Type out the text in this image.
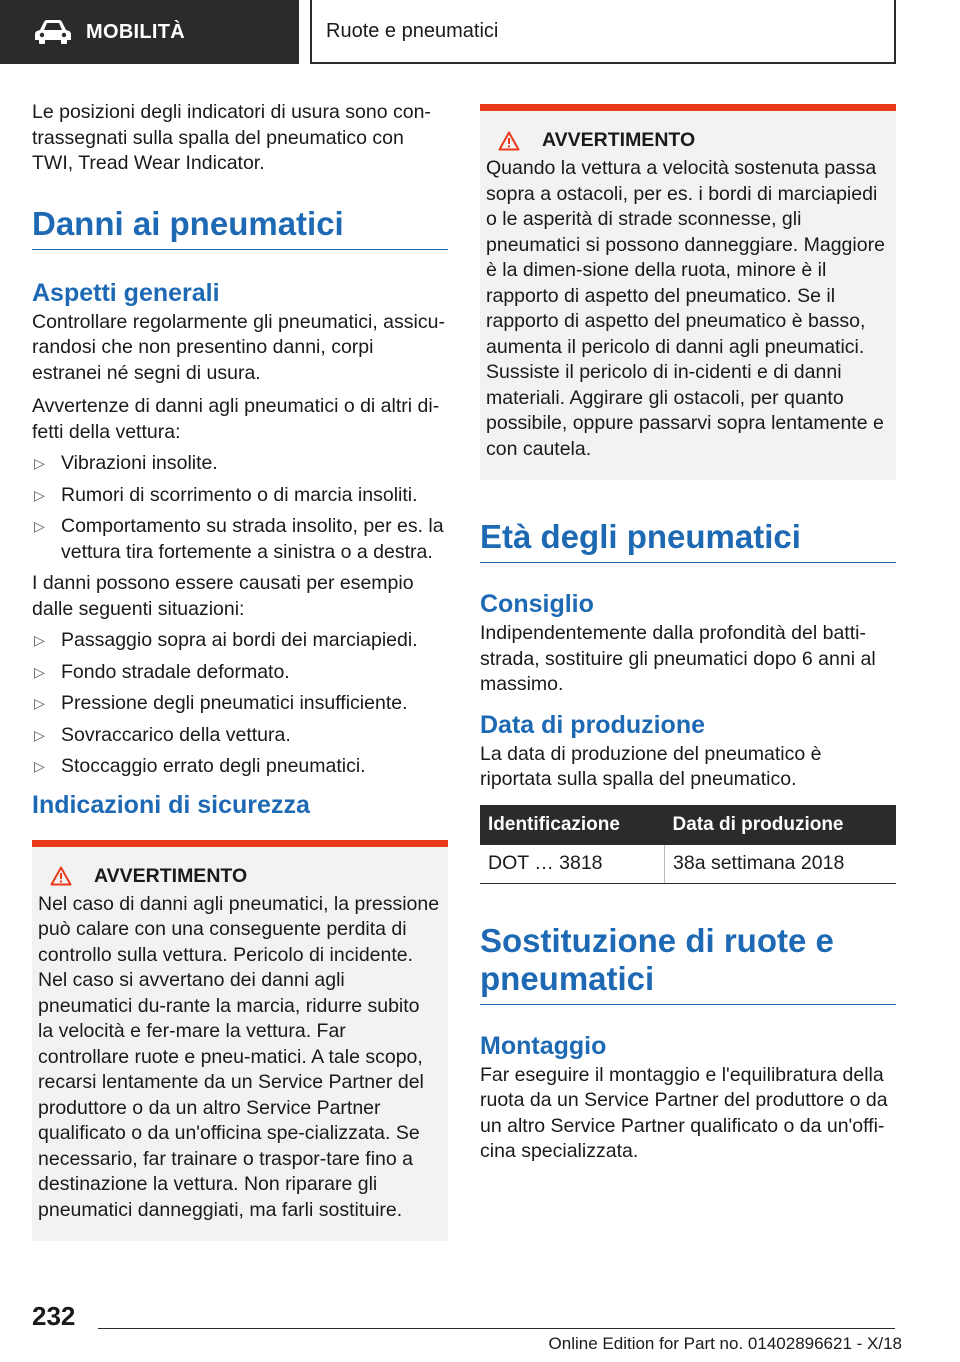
MOBILITÀ	Ruote e pneumatici

Le posizioni degli indicatori di usura sono con-trassegnati sulla spalla del pneumatico con TWI, Tread Wear Indicator.

Danni ai pneumatici
Aspetti generali

Controllare regolarmente gli pneumatici, assicu-randosi che non presentino danni, corpi estranei né segni di usura.

Avvertenze di danni agli pneumatici o di altri di-fetti della vettura:

▷ Vibrazioni insolite.
▷ Rumori di scorrimento o di marcia insoliti.
▷ Comportamento su strada insolito, per es. la vettura tira fortemente a sinistra o a destra.

I danni possono essere causati per esempio dalle seguenti situazioni:

▷ Passaggio sopra ai bordi dei marciapiedi.
▷ Fondo stradale deformato.
▷ Pressione degli pneumatici insufficiente.
▷ Sovraccarico della vettura.
▷ Stoccaggio errato degli pneumatici.
Indicazioni di sicurezza
AVVERTIMENTO

Nel caso di danni agli pneumatici, la pressione può calare con una conseguente perdita di controllo sulla vettura. Pericolo di incidente. Nel caso si avvertano dei danni agli pneumatici du-rante la marcia, ridurre subito la velocità e fer-mare la vettura. Far controllare ruote e pneu-matici. A tale scopo, recarsi lentamente da un Service Partner del produttore o da un altro Service Partner qualificato o da un'officina spe-cializzata. Se necessario, far trainare o traspor-tare fino a destinazione la vettura. Non riparare gli pneumatici danneggiati, ma farli sostituire.

AVVERTIMENTO

Quando la vettura a velocità sostenuta passa sopra a ostacoli, per es. i bordi di marciapiedi o le asperità di strade sconnesse, gli pneumatici si possono danneggiare. Maggiore è la dimen-sione della ruota, minore è il rapporto di aspetto del pneumatico. Se il rapporto di aspetto del pneumatico è basso, aumenta il pericolo di danni agli pneumatici. Sussiste il pericolo di in-cidenti e di danni materiali. Aggirare gli ostacoli, per quanto possibile, oppure passarvi sopra lentamente e con cautela.

Età degli pneumatici
Consiglio

Indipendentemente dalla profondità del batti-strada, sostituire gli pneumatici dopo 6 anni al massimo.

Data di produzione

La data di produzione del pneumatico è riportata sulla spalla del pneumatico.

Identificazione	Data di produzione
DOT … 3818	38a settimana 2018
Sostituzione di ruote e pneumatici
Montaggio

Far eseguire il montaggio e l'equilibratura della ruota da un Service Partner del produttore o da un altro Service Partner qualificato o da un'offi-cina specializzata.

232
Online Edition for Part no. 01402896621 - X/18
